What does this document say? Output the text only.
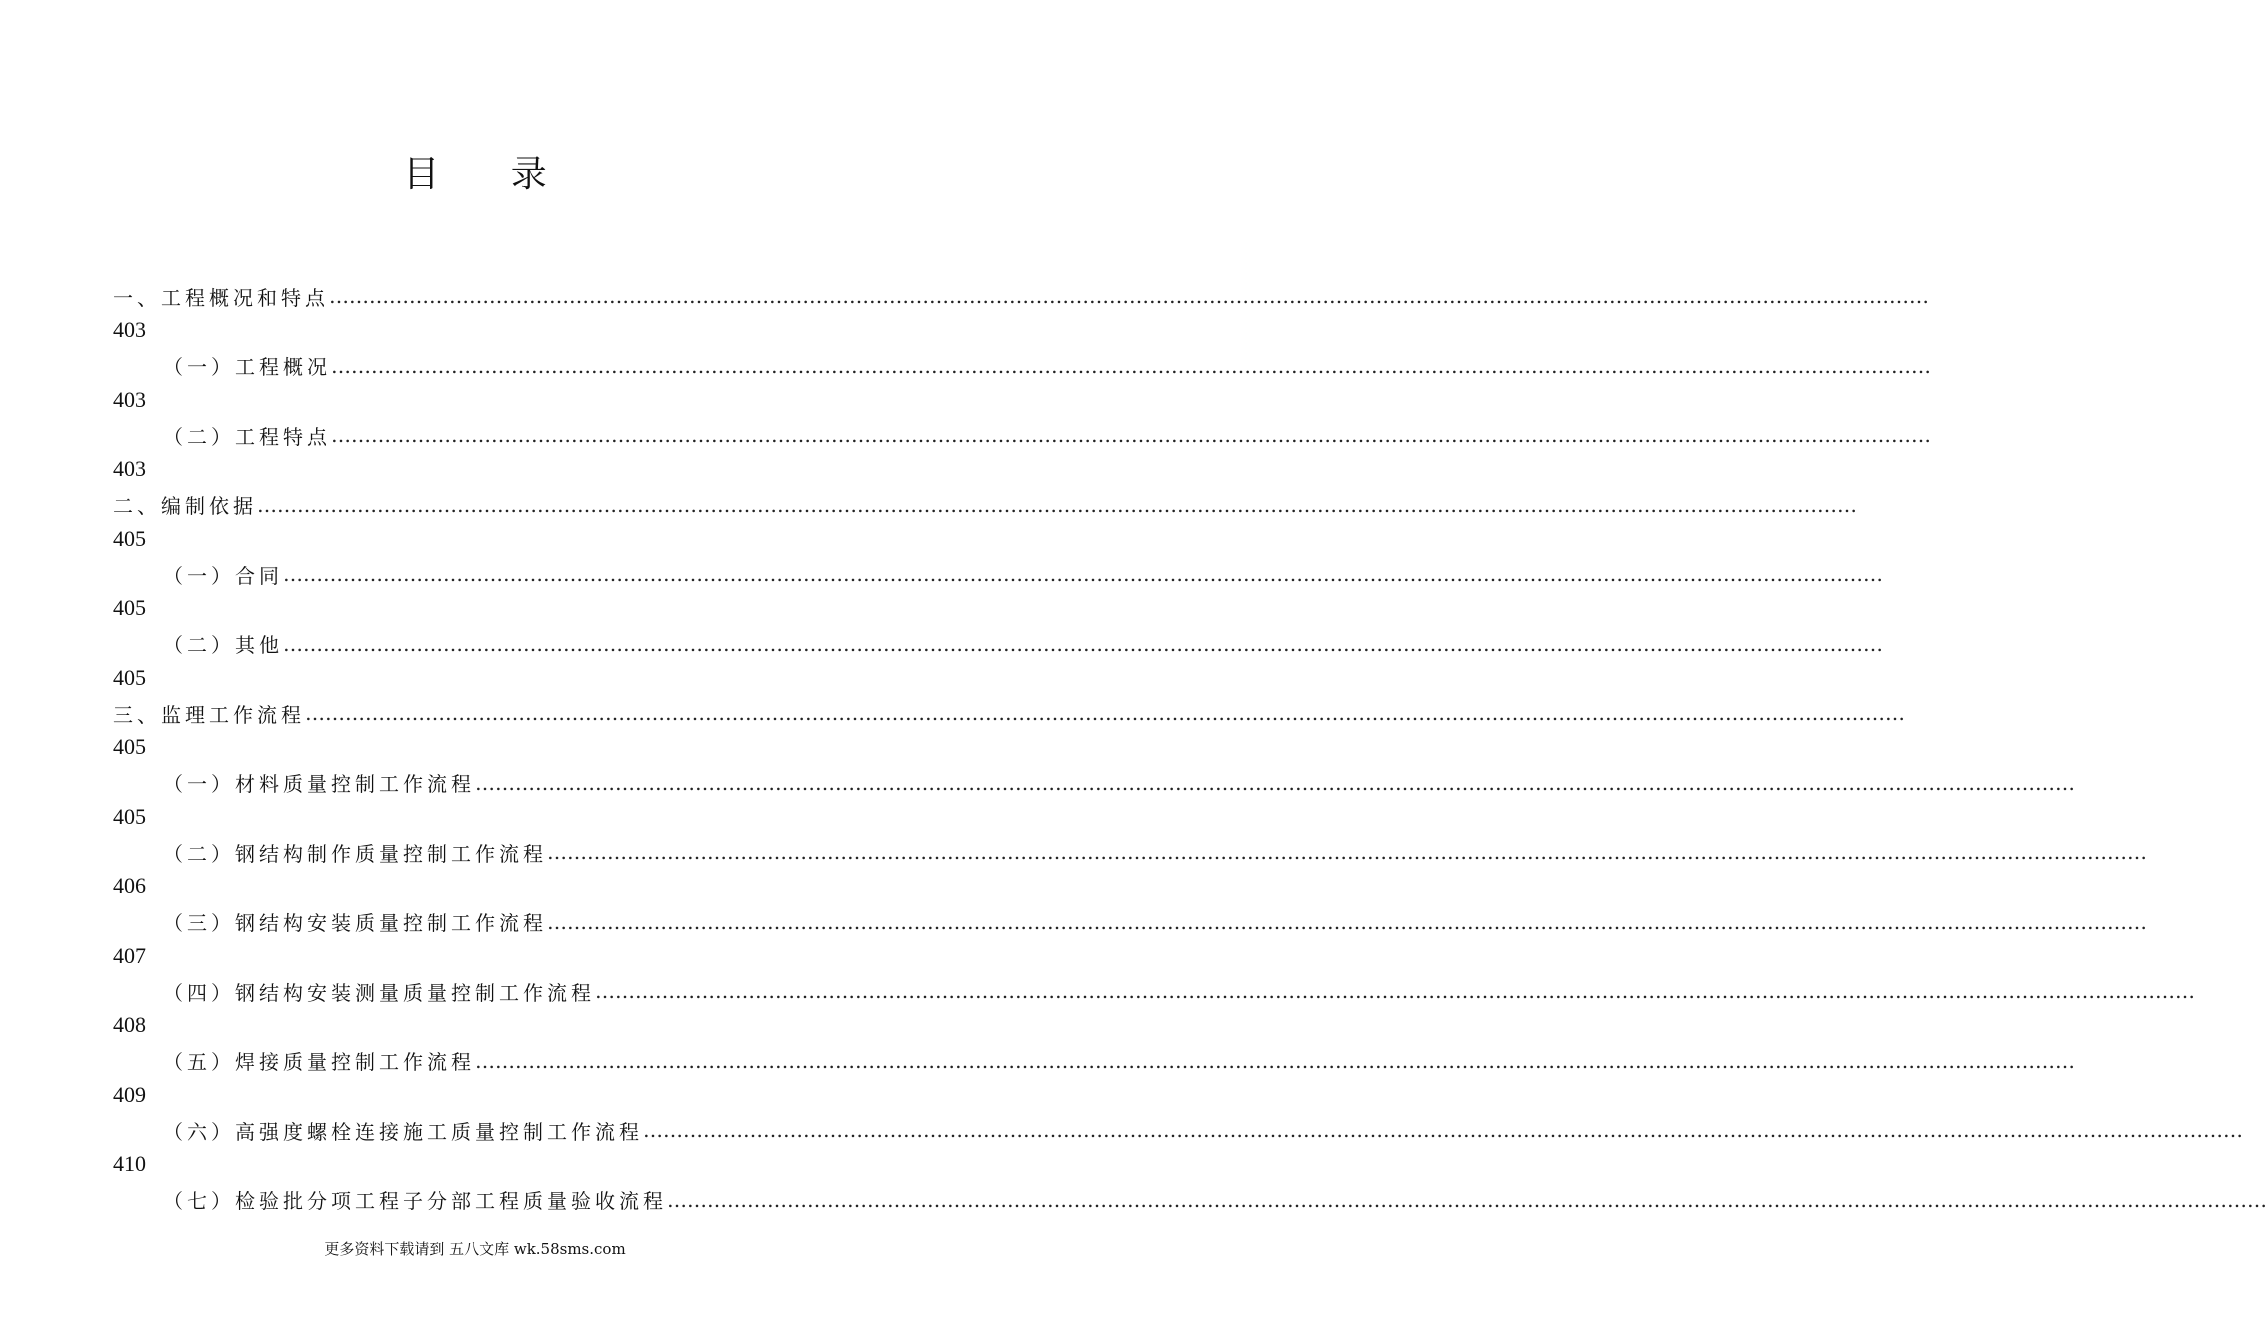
目 录
一、工程概况和特点 ……………………………………………………………………………………………………………………………………………………………………………………………………………………
403
（一）工程概况 ……………………………………………………………………………………………………………………………………………………………………………………………………………………
403
（二）工程特点 ……………………………………………………………………………………………………………………………………………………………………………………………………………………
403
二、编制依据 ……………………………………………………………………………………………………………………………………………………………………………………………………………………
405
（一）合同 ……………………………………………………………………………………………………………………………………………………………………………………………………………………
405
（二）其他 ……………………………………………………………………………………………………………………………………………………………………………………………………………………
405
三、监理工作流程 ……………………………………………………………………………………………………………………………………………………………………………………………………………………
405
（一）材料质量控制工作流程 ……………………………………………………………………………………………………………………………………………………………………………………………………………………
405
（二）钢结构制作质量控制工作流程 ……………………………………………………………………………………………………………………………………………………………………………………………………………………
406
（三）钢结构安装质量控制工作流程 ……………………………………………………………………………………………………………………………………………………………………………………………………………………
407
（四）钢结构安装测量质量控制工作流程 ……………………………………………………………………………………………………………………………………………………………………………………………………………………
408
（五）焊接质量控制工作流程 ……………………………………………………………………………………………………………………………………………………………………………………………………………………
409
（六）高强度螺栓连接施工质量控制工作流程 ……………………………………………………………………………………………………………………………………………………………………………………………………………………
410
（七）检验批分项工程子分部工程质量验收流程 ……………………………………………………………………………………………………………………………………………………………………………………………………………………
更多资料下载请到 五八文库 wk.58sms.com
